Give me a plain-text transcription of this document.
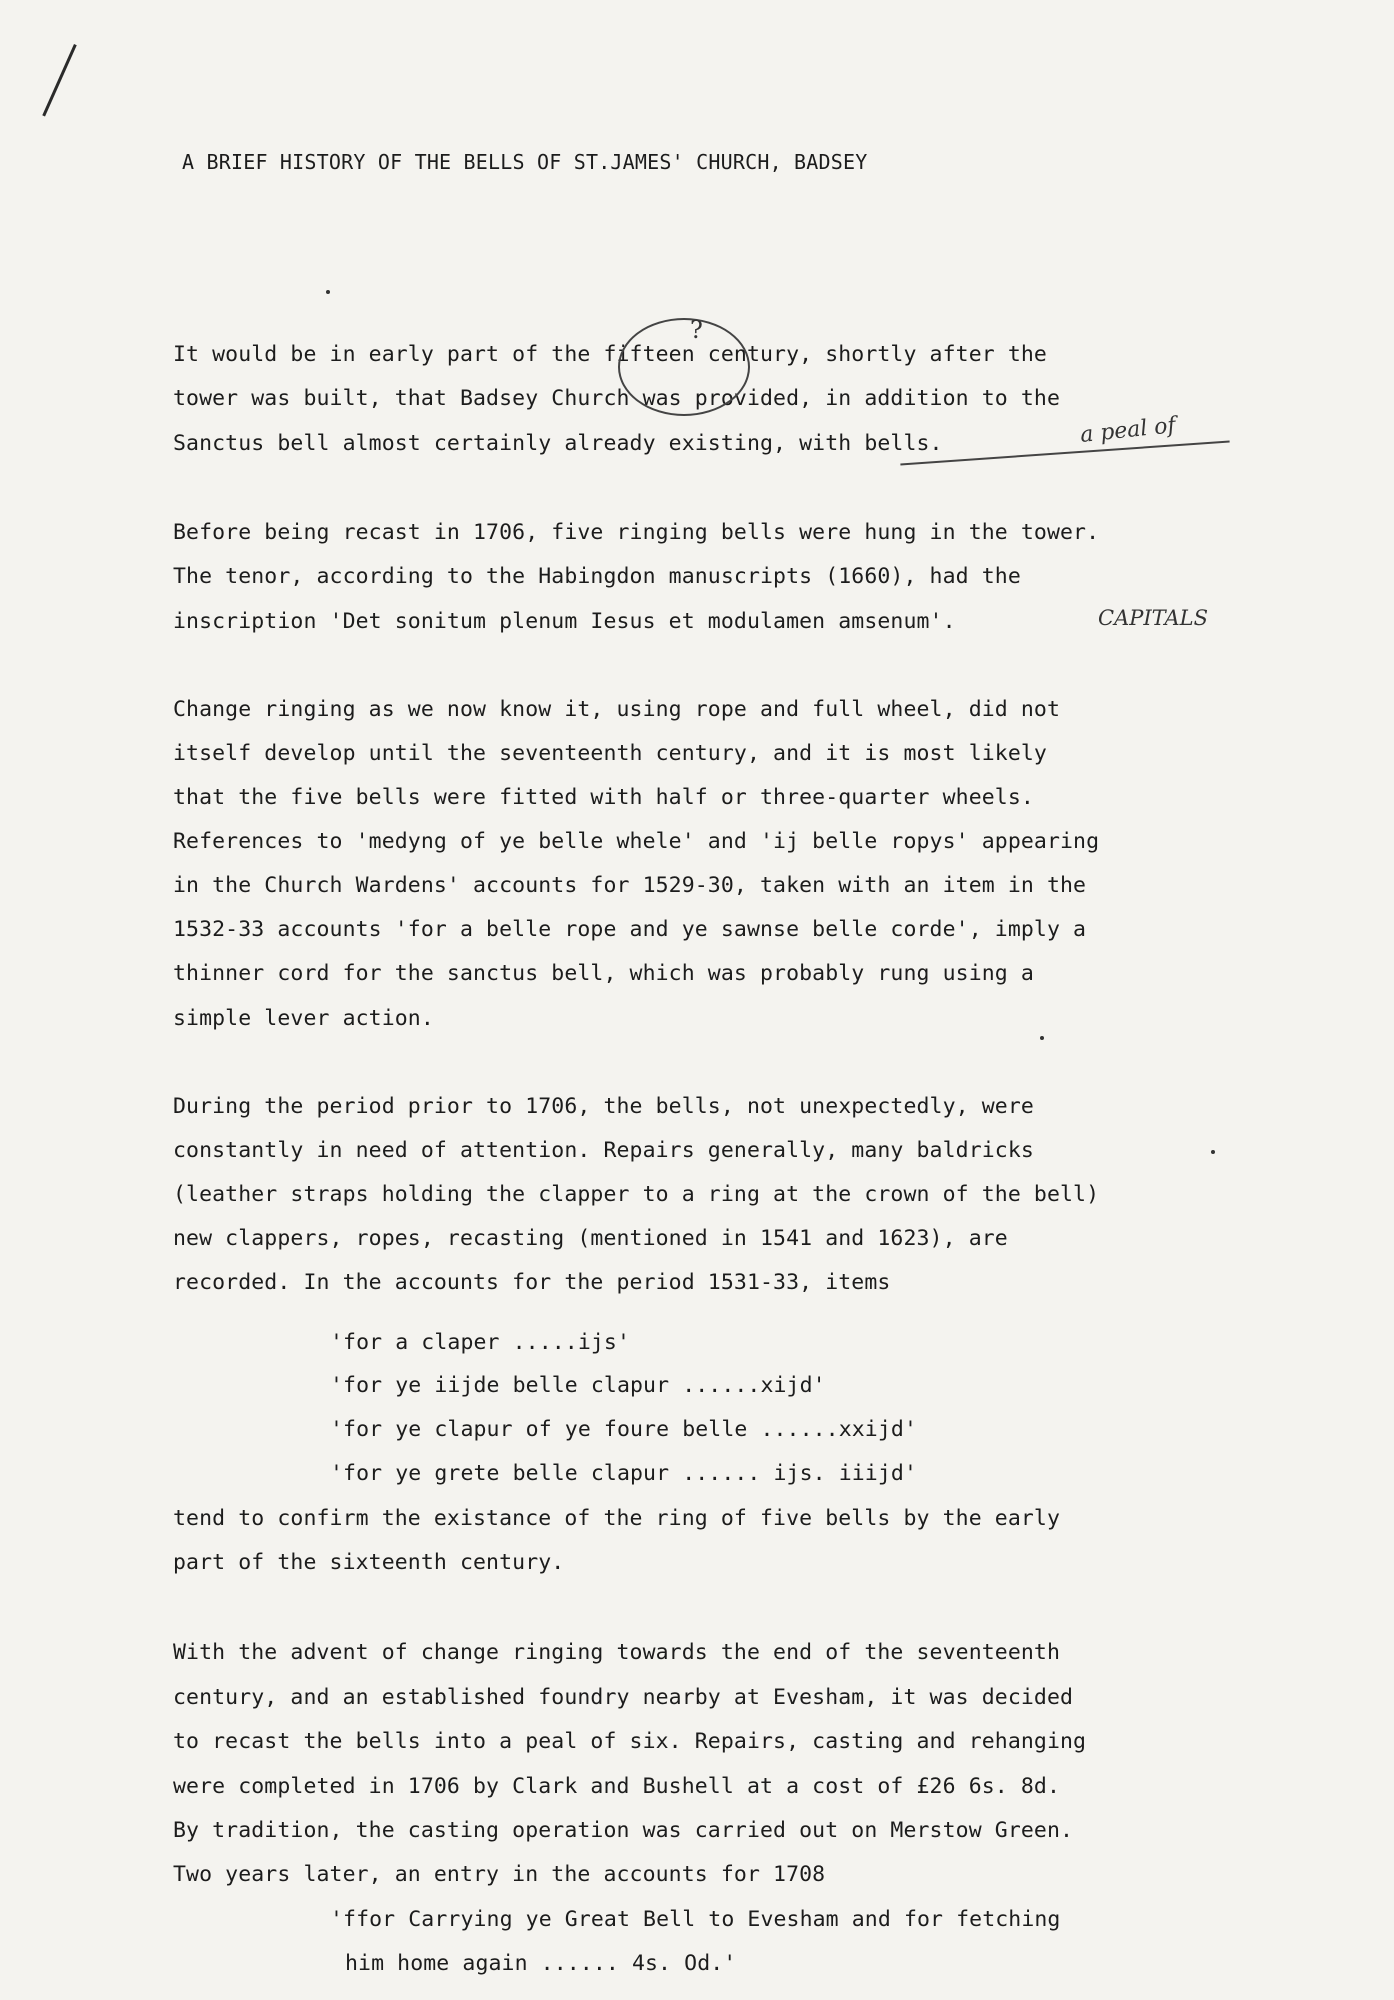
A BRIEF HISTORY OF THE BELLS OF ST.JAMES' CHURCH, BADSEY
It would be in early part of the fifteen century, shortly after the
tower was built, that Badsey Church was provided, in addition to the
Sanctus bell almost certainly already existing, with bells.
Before being recast in 1706, five ringing bells were hung in the tower.
The tenor, according to the Habingdon manuscripts (1660), had the
inscription 'Det sonitum plenum Iesus et modulamen amsenum'.
Change ringing as we now know it, using rope and full wheel, did not
itself develop until the seventeenth century, and it is most likely
that the five bells were fitted with half or three-quarter wheels.
References to 'medyng of ye belle whele' and 'ij belle ropys' appearing
in the Church Wardens' accounts for 1529-30, taken with an item in the
1532-33 accounts 'for a belle rope and ye sawnse belle corde', imply a
thinner cord for the sanctus bell, which was probably rung using a
simple lever action.
During the period prior to 1706, the bells, not unexpectedly, were
constantly in need of attention. Repairs generally, many baldricks
(leather straps holding the clapper to a ring at the crown of the bell)
new clappers, ropes, recasting (mentioned in 1541 and 1623), are
recorded. In the accounts for the period 1531-33, items
'for a claper .....ijs'
'for ye iijde belle clapur ......xijd'
'for ye clapur of ye foure belle ......xxijd'
'for ye grete belle clapur ...... ijs. iiijd'
tend to confirm the existance of the ring of five bells by the early
part of the sixteenth century.
With the advent of change ringing towards the end of the seventeenth
century, and an established foundry nearby at Evesham, it was decided
to recast the bells into a peal of six. Repairs, casting and rehanging
were completed in 1706 by Clark and Bushell at a cost of £26 6s. 8d.
By tradition, the casting operation was carried out on Merstow Green.
Two years later, an entry in the accounts for 1708
'ffor Carrying ye Great Bell to Evesham and for fetching
him home again ...... 4s. Od.'
?
a peal of
CAPITALS
